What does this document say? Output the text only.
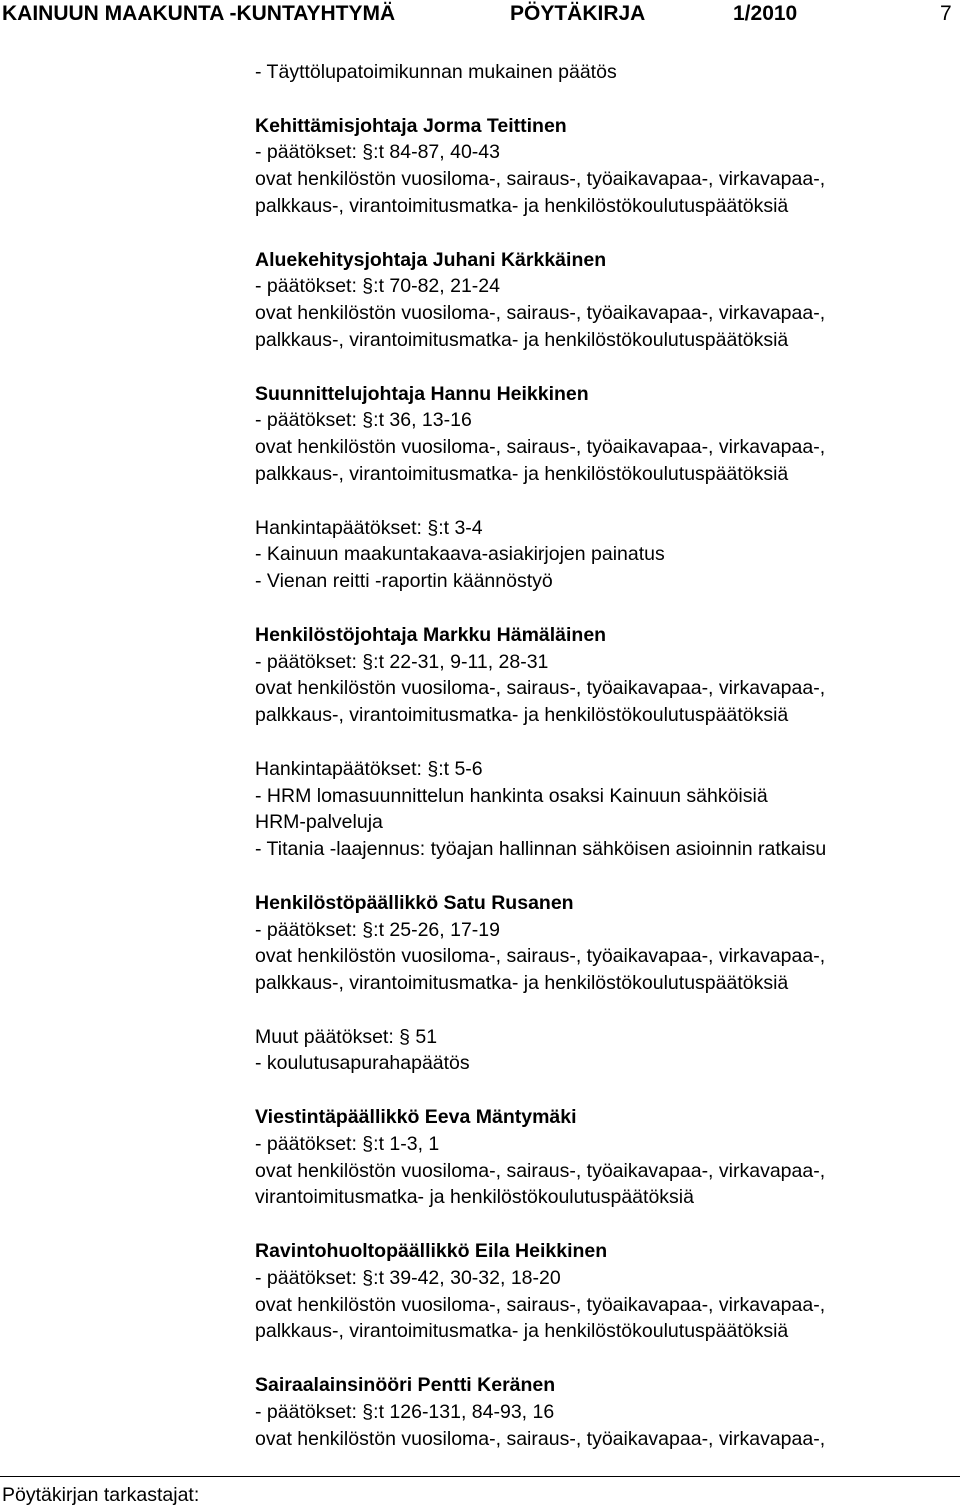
KAINUUN MAAKUNTA -KUNTAYHTYMÄ	PÖYTÄKIRJA	1/2010	7
- Täyttölupatoimikunnan mukainen päätös
Kehittämisjohtaja Jorma Teittinen
- päätökset: §:t 84-87, 40-43
ovat henkilöstön vuosiloma-, sairaus-, työaikavapaa-, virkavapaa-,
palkkaus-, virantoimitusmatka- ja henkilöstökoulutuspäätöksiä
Aluekehitysjohtaja Juhani Kärkkäinen
- päätökset: §:t 70-82, 21-24
ovat henkilöstön vuosiloma-, sairaus-, työaikavapaa-, virkavapaa-,
palkkaus-, virantoimitusmatka- ja henkilöstökoulutuspäätöksiä
Suunnittelujohtaja Hannu Heikkinen
- päätökset: §:t 36, 13-16
ovat henkilöstön vuosiloma-, sairaus-, työaikavapaa-, virkavapaa-,
palkkaus-, virantoimitusmatka- ja henkilöstökoulutuspäätöksiä
Hankintapäätökset: §:t 3-4
- Kainuun maakuntakaava-asiakirjojen painatus
- Vienan reitti -raportin käännöstyö
Henkilöstöjohtaja Markku Hämäläinen
- päätökset: §:t 22-31, 9-11, 28-31
ovat henkilöstön vuosiloma-, sairaus-, työaikavapaa-, virkavapaa-,
palkkaus-, virantoimitusmatka- ja henkilöstökoulutuspäätöksiä
Hankintapäätökset: §:t 5-6
- HRM lomasuunnittelun hankinta osaksi Kainuun sähköisiä
HRM-palveluja
- Titania -laajennus: työajan hallinnan sähköisen asioinnin ratkaisu
Henkilöstöpäällikkö Satu Rusanen
- päätökset: §:t 25-26, 17-19
ovat henkilöstön vuosiloma-, sairaus-, työaikavapaa-, virkavapaa-,
palkkaus-, virantoimitusmatka- ja henkilöstökoulutuspäätöksiä
Muut päätökset: § 51
- koulutusapurahapäätös
Viestintäpäällikkö Eeva Mäntymäki
- päätökset: §:t 1-3, 1
ovat henkilöstön vuosiloma-, sairaus-, työaikavapaa-, virkavapaa-,
virantoimitusmatka- ja henkilöstökoulutuspäätöksiä
Ravintohuoltopäällikkö Eila Heikkinen
- päätökset: §:t 39-42, 30-32, 18-20
ovat henkilöstön vuosiloma-, sairaus-, työaikavapaa-, virkavapaa-,
palkkaus-, virantoimitusmatka- ja henkilöstökoulutuspäätöksiä
Sairaalainsinööri Pentti Keränen
- päätökset: §:t 126-131, 84-93, 16
ovat henkilöstön vuosiloma-, sairaus-, työaikavapaa-, virkavapaa-,
Pöytäkirjan tarkastajat:
